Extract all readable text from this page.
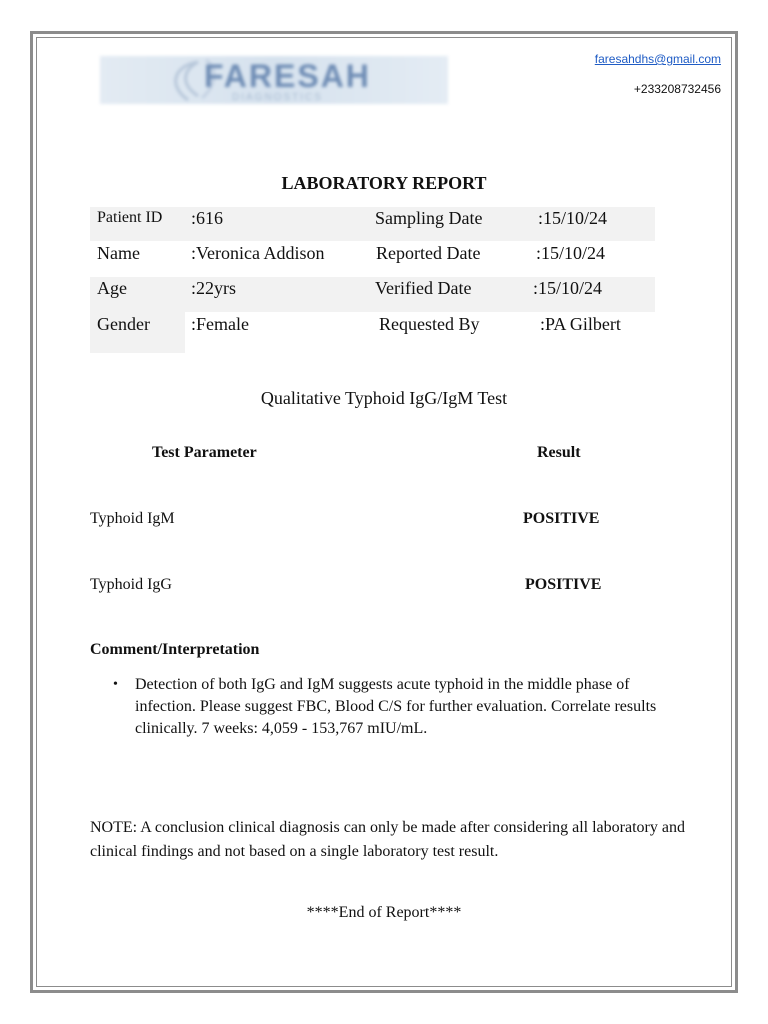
FARESAH
DIAGNOSTICS
faresahdhs@gmail.com
+233208732456
LABORATORY REPORT
Patient ID :616	Sampling Date	:15/10/24
Name	:Veronica Addison	Reported Date	:15/10/24
Age	:22yrs	Verified Date	:15/10/24
Gender :Female	Requested By	:PA Gilbert
Qualitative Typhoid IgG/IgM Test
Test Parameter	Result
Typhoid IgM	POSITIVE
Typhoid IgG	POSITIVE
Comment/Interpretation
• Detection of both IgG and IgM suggests acute typhoid in the middle phase of infection. Please suggest FBC, Blood C/S for further evaluation. Correlate results clinically. 7 weeks: 4,059 - 153,767 mIU/mL.
NOTE: A conclusion clinical diagnosis can only be made after considering all laboratory and clinical findings and not based on a single laboratory test result.
****End of Report****
